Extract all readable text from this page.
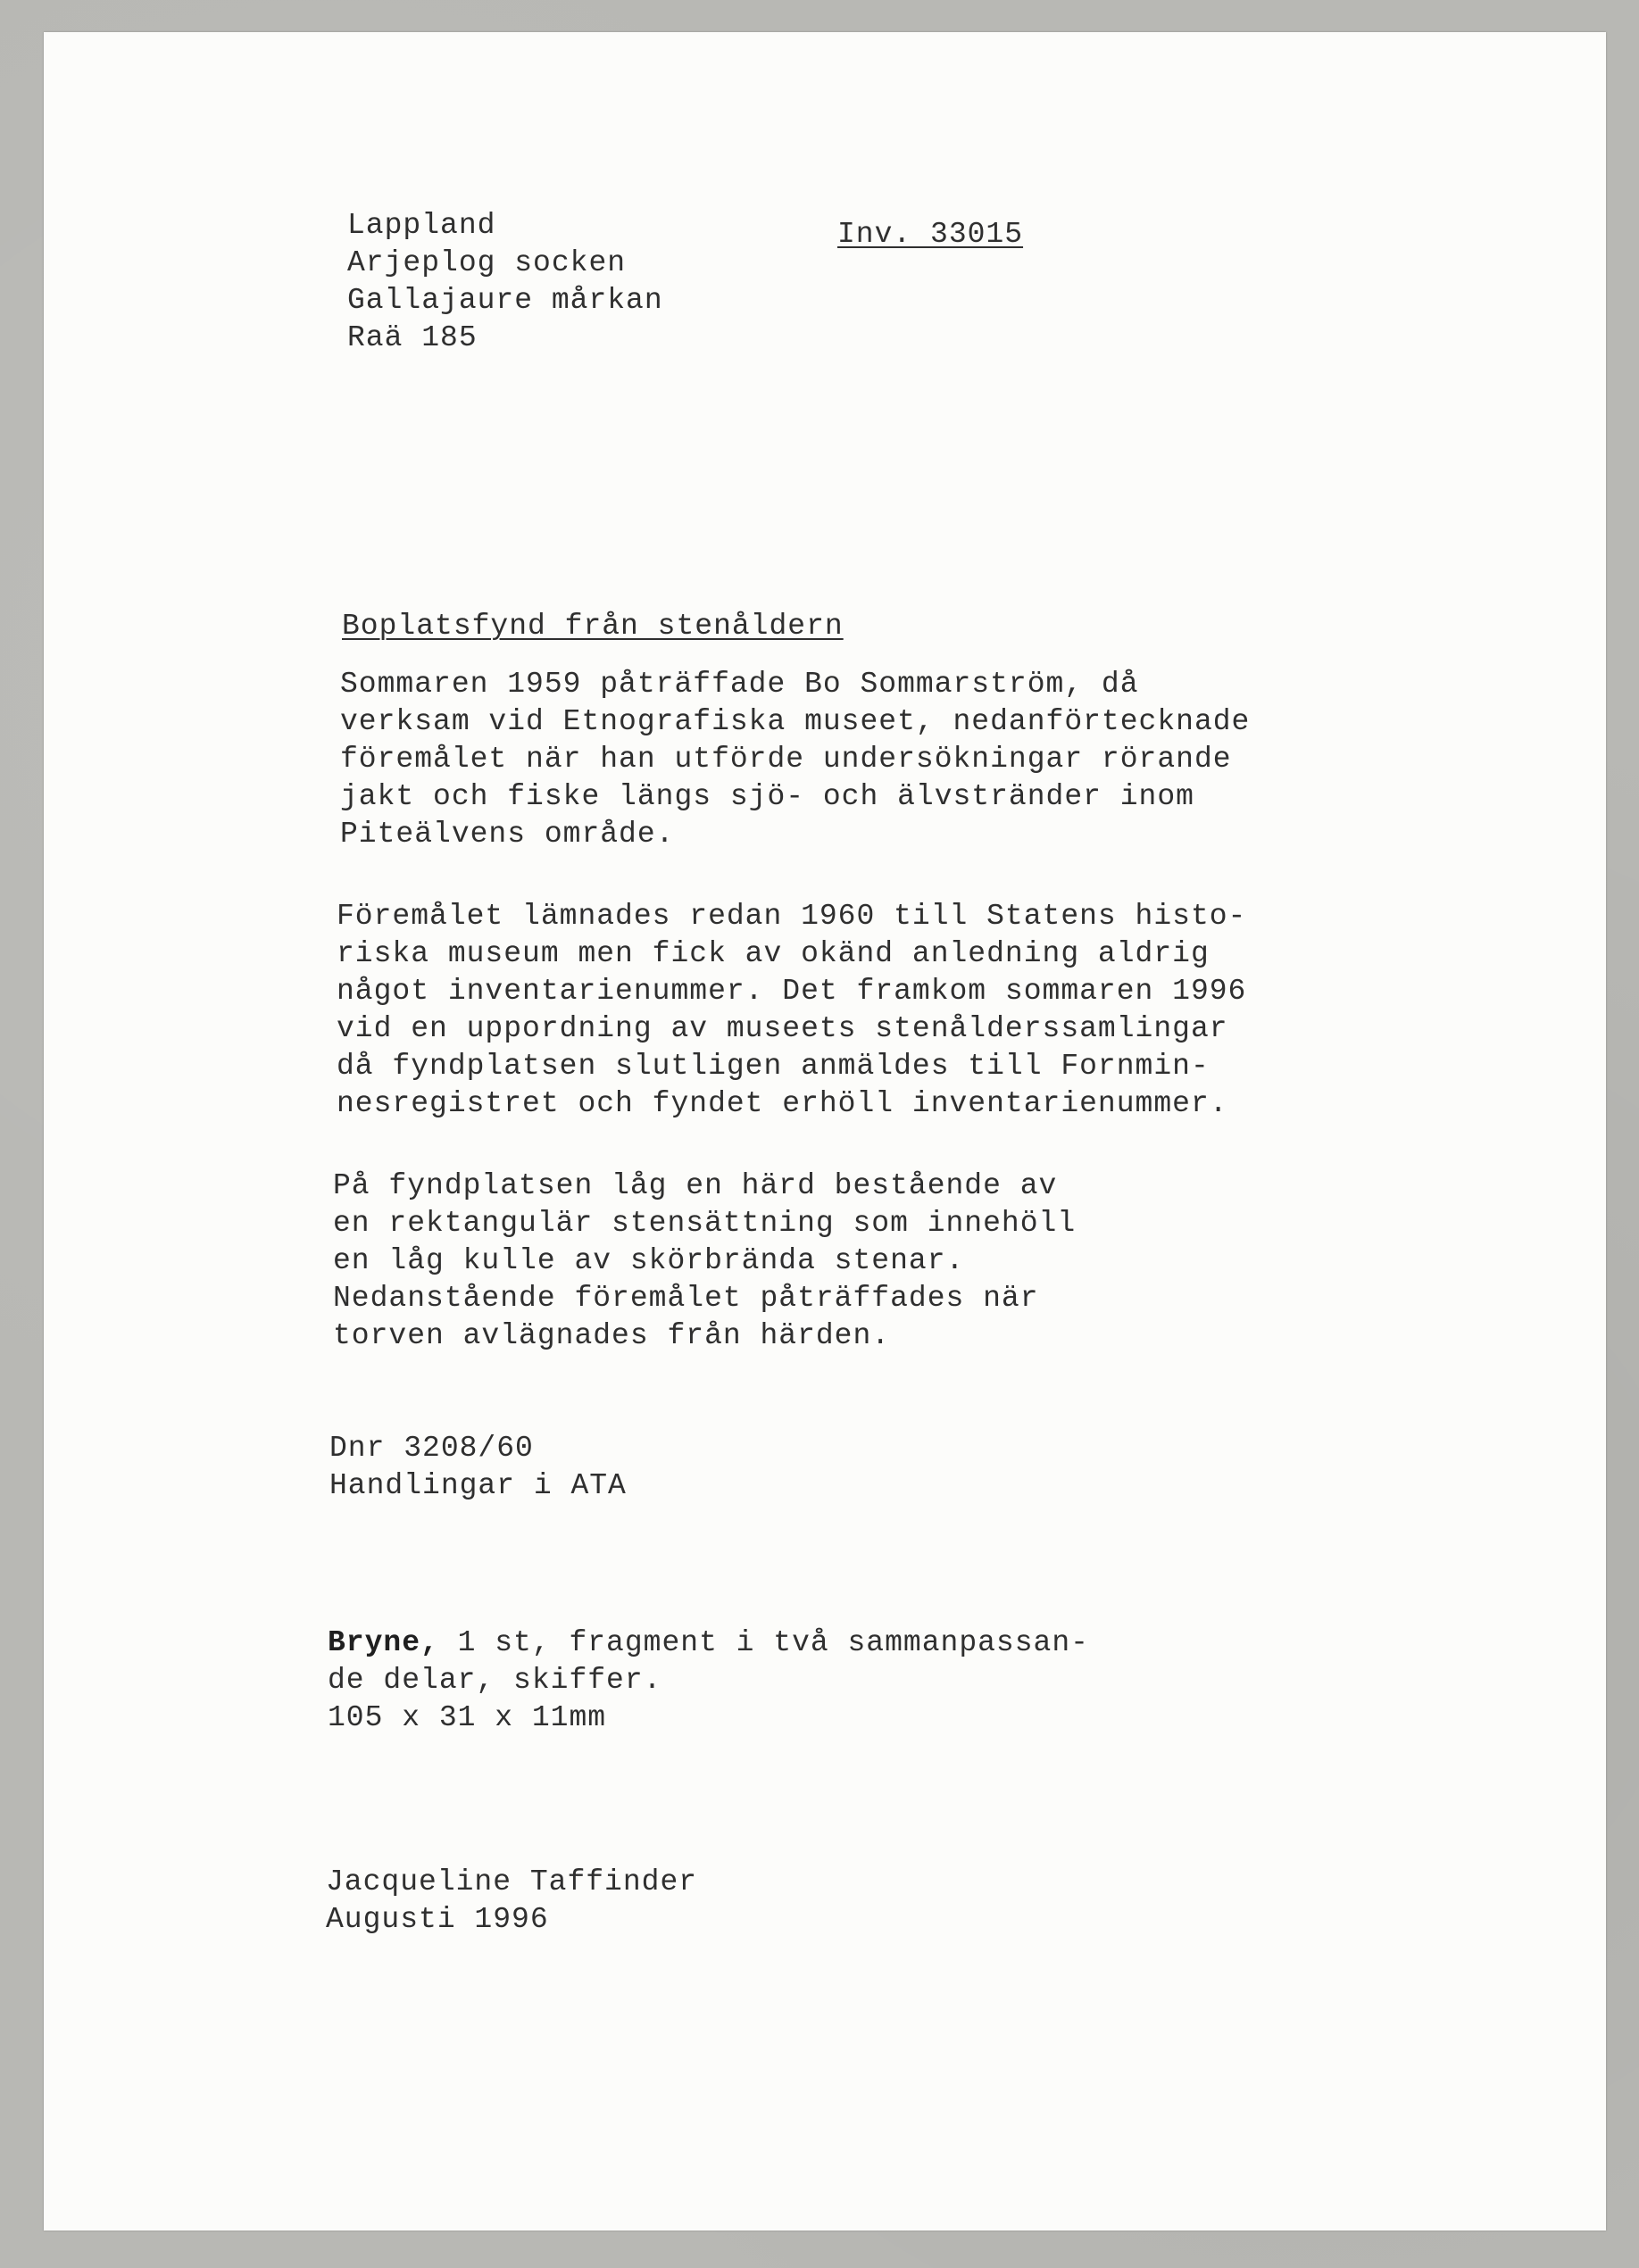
Lappland

Arjeplog socken

Gallajaure mårkan

Raä 185

Inv. 33015

Boplatsfynd från stenåldern

Sommaren 1959 påträffade Bo Sommarström, då

verksam vid Etnografiska museet, nedanförtecknade

föremålet när han utförde undersökningar rörande

jakt och fiske längs sjö- och älvstränder inom

Piteälvens område.

Föremålet lämnades redan 1960 till Statens histo-

riska museum men fick av okänd anledning aldrig

något inventarienummer. Det framkom sommaren 1996

vid en uppordning av museets stenålderssamlingar

då fyndplatsen slutligen anmäldes till Fornmin-

nesregistret och fyndet erhöll inventarienummer.

På fyndplatsen låg en härd bestående av

en rektangulär stensättning som innehöll

en låg kulle av skörbrända stenar.

Nedanstående föremålet påträffades när

torven avlägnades från härden.

Dnr 3208/60

Handlingar i ATA

Bryne, 1 st, fragment i två sammanpassan-

de delar, skiffer.

105 x 31 x 11mm

Jacqueline Taffinder

Augusti 1996
